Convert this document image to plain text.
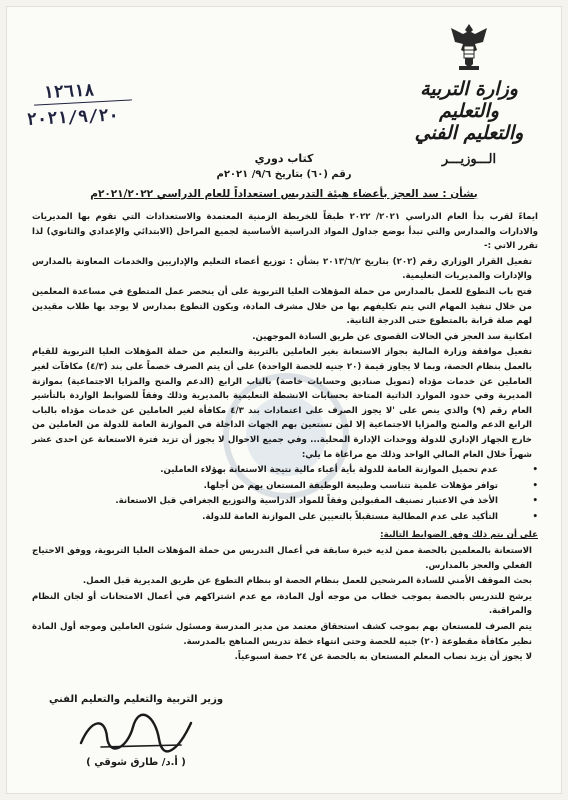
وزارة التربية والتعليم
والتعليم الفني
الـــوزيـــر
١٢٦١٨
٢٠٢١/٩/٢٠
كتاب دوري
رقم (٦٠) بتاريخ ٩/٦/ ٢٠٢١م
بشأن : سد العجز بأعضاء هيئة التدريس استعداداً للعام الدراسي ٢٠٢١/٢٠٢٢م

ايماءً لقرب بدأ العام الدراسي ٢٠٢١/ ٢٠٢٢ طبقاً للخريطة الزمنية المعتمدة والاستعدادات التي تقوم بها المديريات والادارات والمدارس والتي تبدأ بوضع جداول المواد الدراسية الأساسية لجميع المراحل (الابتدائي والإعدادي والثانوي) لذا تقرر الاتي :-

تفعيل القرار الوزاري رقم (٢٠٢) بتاريخ ٢٠١٣/٦/٢ بشأن : توزيع أعضاء التعليم والإداريين والخدمات المعاونة بالمدارس والإدارات والمديريات التعليمية.

فتح باب التطوع للعمل بالمدارس من حملة المؤهلات العليا التربوية على أن ينحصر عمل المتطوع في مساعدة المعلمين من خلال تنفيذ المهام التي يتم تكليفهم بها من خلال مشرف المادة، ويكون التطوع بمدارس لا يوجد بها طلاب مقيدين لهم صلة قرابة بالمتطوع حتى الدرجة الثانية.

امكانية سد العجز في الحالات القصوى عن طريق السادة الموجهين.

تفعيل موافقة وزارة المالية بجواز الاستعانة بغير العاملين بالتربية والتعليم من حملة المؤهلات العليا التربوية للقيام بالعمل بنظام الحصة، وبما لا يجاوز قيمة (٢٠ جنيه للحصة الواحدة) على أن يتم الصرف خصماً على بند (٤/٣) مكافآت لغير العاملين عن خدمات مؤداه (تمويل صناديق وحسابات خاصة) بالباب الرابع (الدعم والمنح والمزايا الاجتماعية) بموازنة المديرية وفي حدود الموارد الذاتية المتاحة بحسابات الانشطة التعليمية بالمديرية وذلك وفقاً للضوابط الواردة بالتأشير العام رقم (٩) والذي ينص على 'لا يجوز الصرف على اعتمادات بند ٤/٣ مكافأة لغير العاملين عن خدمات مؤداه بالباب الرابع الدعم والمنح والمزايا الاجتماعية إلا لمن تستعين بهم الجهات الداخلة في الموازنة العامة للدولة من العاملين من خارج الجهاز الإداري للدولة ووحدات الإدارة المحلية... وفي جميع الاحوال لا يجوز أن تزيد فترة الاستعانة عن احدى عشر شهراً خلال العام المالي الواحد وذلك مع مراعاة ما يلي:

• عدم تحميل الموازنة العامة للدولة بأية أعباء مالية نتيجة الاستعانة بهؤلاء العاملين.

• توافر مؤهلات علمية تتناسب وطبيعة الوظيفة المستعان بهم من أجلها.

• الأخذ في الاعتبار تصنيف المقبولين وفقاً للمواد الدراسية والتوزيع الجغرافي قبل الاستعانة.

• التأكيد على عدم المطالبة مستقبلاً بالتعيين على الموازنة العامة للدولة.

على أن يتم ذلك وفق الضوابط التالية:

الاستعانة بالمعلمين بالحصة ممن لديه خبرة سابقة في أعمال التدريس من حملة المؤهلات العليا التربوية، ووفق الاحتياج الفعلي والعجز بالمدارس.

بحث الموقف الأمني للسادة المرشحين للعمل بنظام الحصة او بنظام التطوع عن طريق المديرية قبل العمل.

يرشح للتدريس بالحصة بموجب خطاب من موجه أول المادة، مع عدم اشتراكهم في أعمال الامتحانات أو لجان النظام والمراقبة.

يتم الصرف للمستعان بهم بموجب كشف استحقاق معتمد من مدير المدرسة ومسئول شئون العاملين وموجه أول المادة نظير مكافأة مقطوعة (٢٠) جنيه للحصة وحتى انتهاء خطة تدريس المناهج بالمدرسة.

لا يجوز أن يزيد نصاب المعلم المستعان به بالحصة عن ٢٤ حصة اسبوعياً.

وزير التربية والتعليم والتعليم الفني
( أ.د/ طارق شوقي )
